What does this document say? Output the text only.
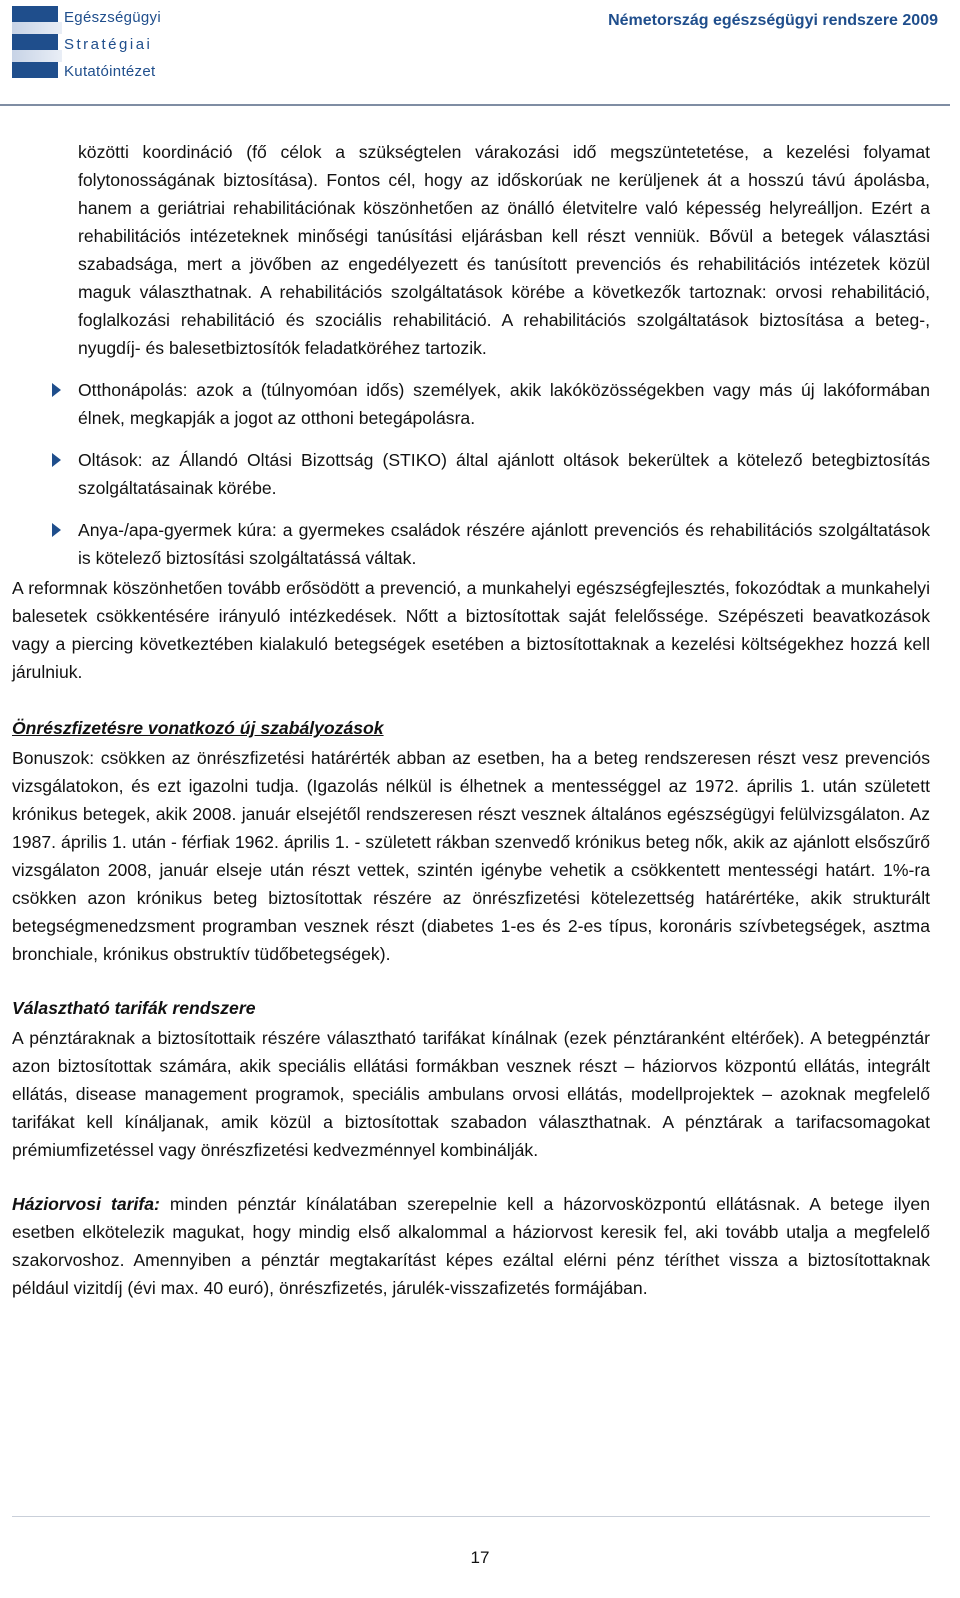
Egészségügyi
Stratégiai
Kutatóintézet
Németország egészségügyi rendszere 2009

közötti koordináció (fő célok a szükségtelen várakozási idő megszüntetetése, a kezelési folyamat folytonosságának biztosítása). Fontos cél, hogy az időskorúak ne kerüljenek át a hosszú távú ápolásba, hanem a geriátriai rehabilitációnak köszönhetően az önálló életvitelre való képesség helyreálljon. Ezért a rehabilitációs intézeteknek minőségi tanúsítási eljárásban kell részt venniük. Bővül a betegek választási szabadsága, mert a jövőben az engedélyezett és tanúsított prevenciós és rehabilitációs intézetek közül maguk választhatnak. A rehabilitációs szolgáltatások körébe a következők tartoznak: orvosi rehabilitáció, foglalkozási rehabilitáció és szociális rehabilitáció. A rehabilitációs szolgáltatások biztosítása a beteg-, nyugdíj- és balesetbiztosítók feladatköréhez tartozik.

Otthonápolás: azok a (túlnyomóan idős) személyek, akik lakóközösségekben vagy más új lakóformában élnek, megkapják a jogot az otthoni betegápolásra.

Oltások: az Állandó Oltási Bizottság (STIKO) által ajánlott oltások bekerültek a kötelező betegbiztosítás szolgáltatásainak körébe.

Anya-/apa-gyermek kúra: a gyermekes családok részére ajánlott prevenciós és rehabilitációs szolgáltatások is kötelező biztosítási szolgáltatássá váltak.

A reformnak köszönhetően tovább erősödött a prevenció, a munkahelyi egészségfejlesztés, fokozódtak a munkahelyi balesetek csökkentésére irányuló intézkedések. Nőtt a biztosítottak saját felelőssége. Szépészeti beavatkozások vagy a piercing következtében kialakuló betegségek esetében a biztosítottaknak a kezelési költségekhez hozzá kell járulniuk.

Önrészfizetésre vonatkozó új szabályozások

Bonuszok: csökken az önrészfizetési határérték abban az esetben, ha a beteg rendszeresen részt vesz prevenciós vizsgálatokon, és ezt igazolni tudja. (Igazolás nélkül is élhetnek a mentességgel az 1972. április 1. után született krónikus betegek, akik 2008. január elsejétől rendszeresen részt vesznek általános egészségügyi felülvizsgálaton. Az 1987. április 1. után - férfiak 1962. április 1. - született rákban szenvedő krónikus beteg nők, akik az ajánlott elsőszűrő vizsgálaton 2008, január elseje után részt vettek, szintén igénybe vehetik a csökkentett mentességi határt. 1%-ra csökken azon krónikus beteg biztosítottak részére az önrészfizetési kötelezettség határértéke, akik strukturált betegségmenedzsment programban vesznek részt (diabetes 1-es és 2-es típus, koronáris szívbetegségek, asztma bronchiale, krónikus obstruktív tüdőbetegségek).

Választható tarifák rendszere

A pénztáraknak a biztosítottaik részére választható tarifákat kínálnak (ezek pénztáranként eltérőek). A betegpénztár azon biztosítottak számára, akik speciális ellátási formákban vesznek részt – háziorvos központú ellátás, integrált ellátás, disease management programok, speciális ambulans orvosi ellátás, modellprojektek – azoknak megfelelő tarifákat kell kínáljanak, amik közül a biztosítottak szabadon választhatnak. A pénztárak a tarifacsomagokat prémiumfizetéssel vagy önrészfizetési kedvezménnyel kombinálják.

Háziorvosi tarifa: minden pénztár kínálatában szerepelnie kell a házorvosközpontú ellátásnak. A betege ilyen esetben elkötelezik magukat, hogy mindig első alkalommal a háziorvost keresik fel, aki tovább utalja a megfelelő szakorvoshoz. Amennyiben a pénztár megtakarítást képes ezáltal elérni pénz téríthet vissza a biztosítottaknak például vizitdíj (évi max. 40 euró), önrészfizetés, járulék-visszafizetés formájában.

17
